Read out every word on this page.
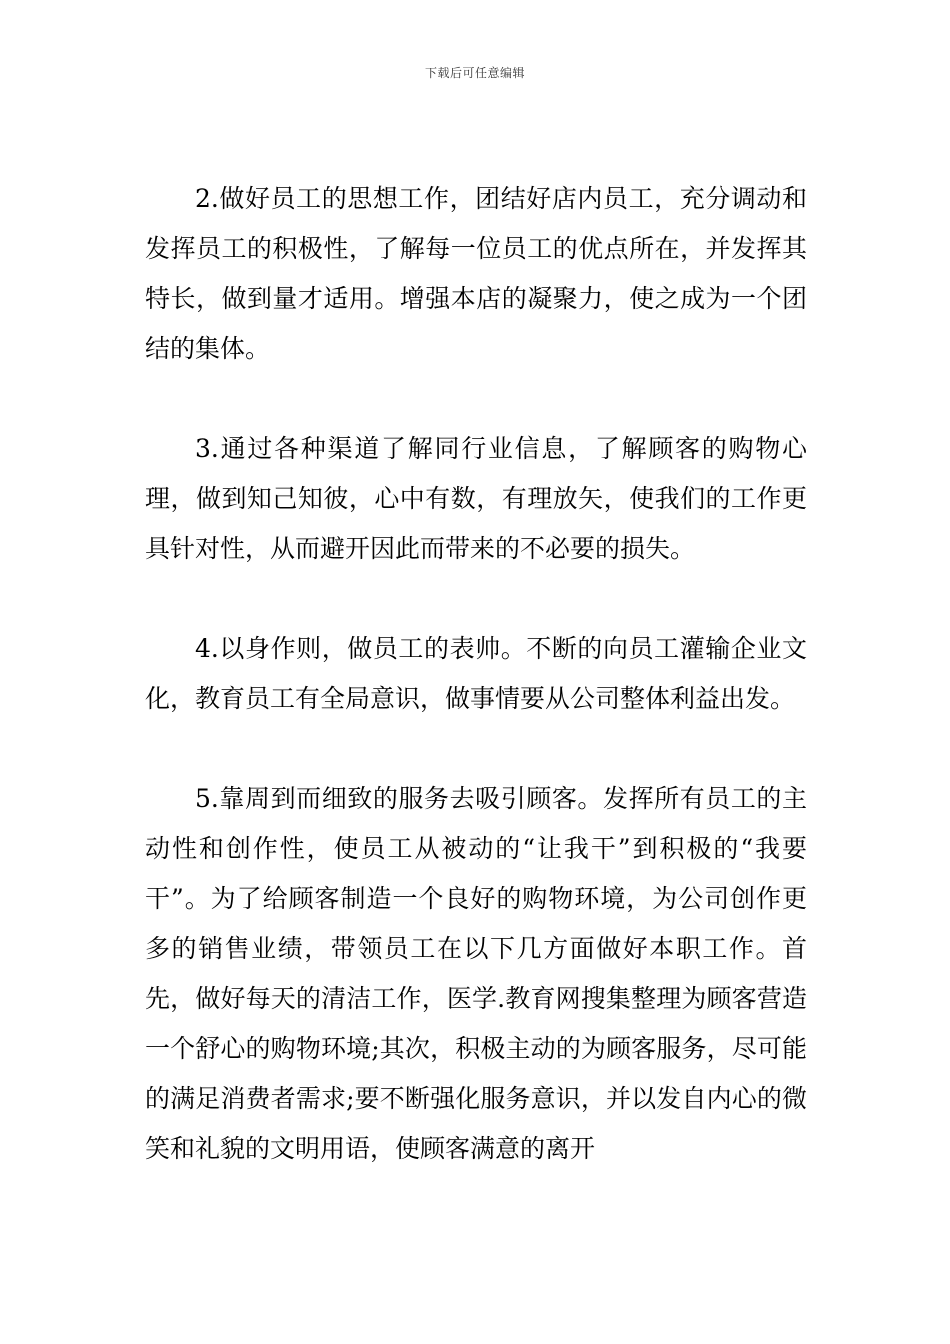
下载后可任意编辑

2.做好员工的思想工作，团结好店内员工，充分调动和发挥员工的积极性，了解每一位员工的优点所在，并发挥其特长，做到量才适用。增强本店的凝聚力，使之成为一个团结的集体。

3.通过各种渠道了解同行业信息，了解顾客的购物心理，做到知己知彼，心中有数，有理放矢，使我们的工作更具针对性，从而避开因此而带来的不必要的损失。

4.以身作则，做员工的表帅。不断的向员工灌输企业文化，教育员工有全局意识，做事情要从公司整体利益出发。

5.靠周到而细致的服务去吸引顾客。发挥所有员工的主动性和创作性，使员工从被动的“让我干”到积极的“我要干”。为了给顾客制造一个良好的购物环境，为公司创作更多的销售业绩，带领员工在以下几方面做好本职工作。首先，做好每天的清洁工作，医学.教育网搜集整理为顾客营造一个舒心的购物环境;其次，积极主动的为顾客服务，尽可能的满足消费者需求;要不断强化服务意识，并以发自内心的微笑和礼貌的文明用语，使顾客满意的离开
